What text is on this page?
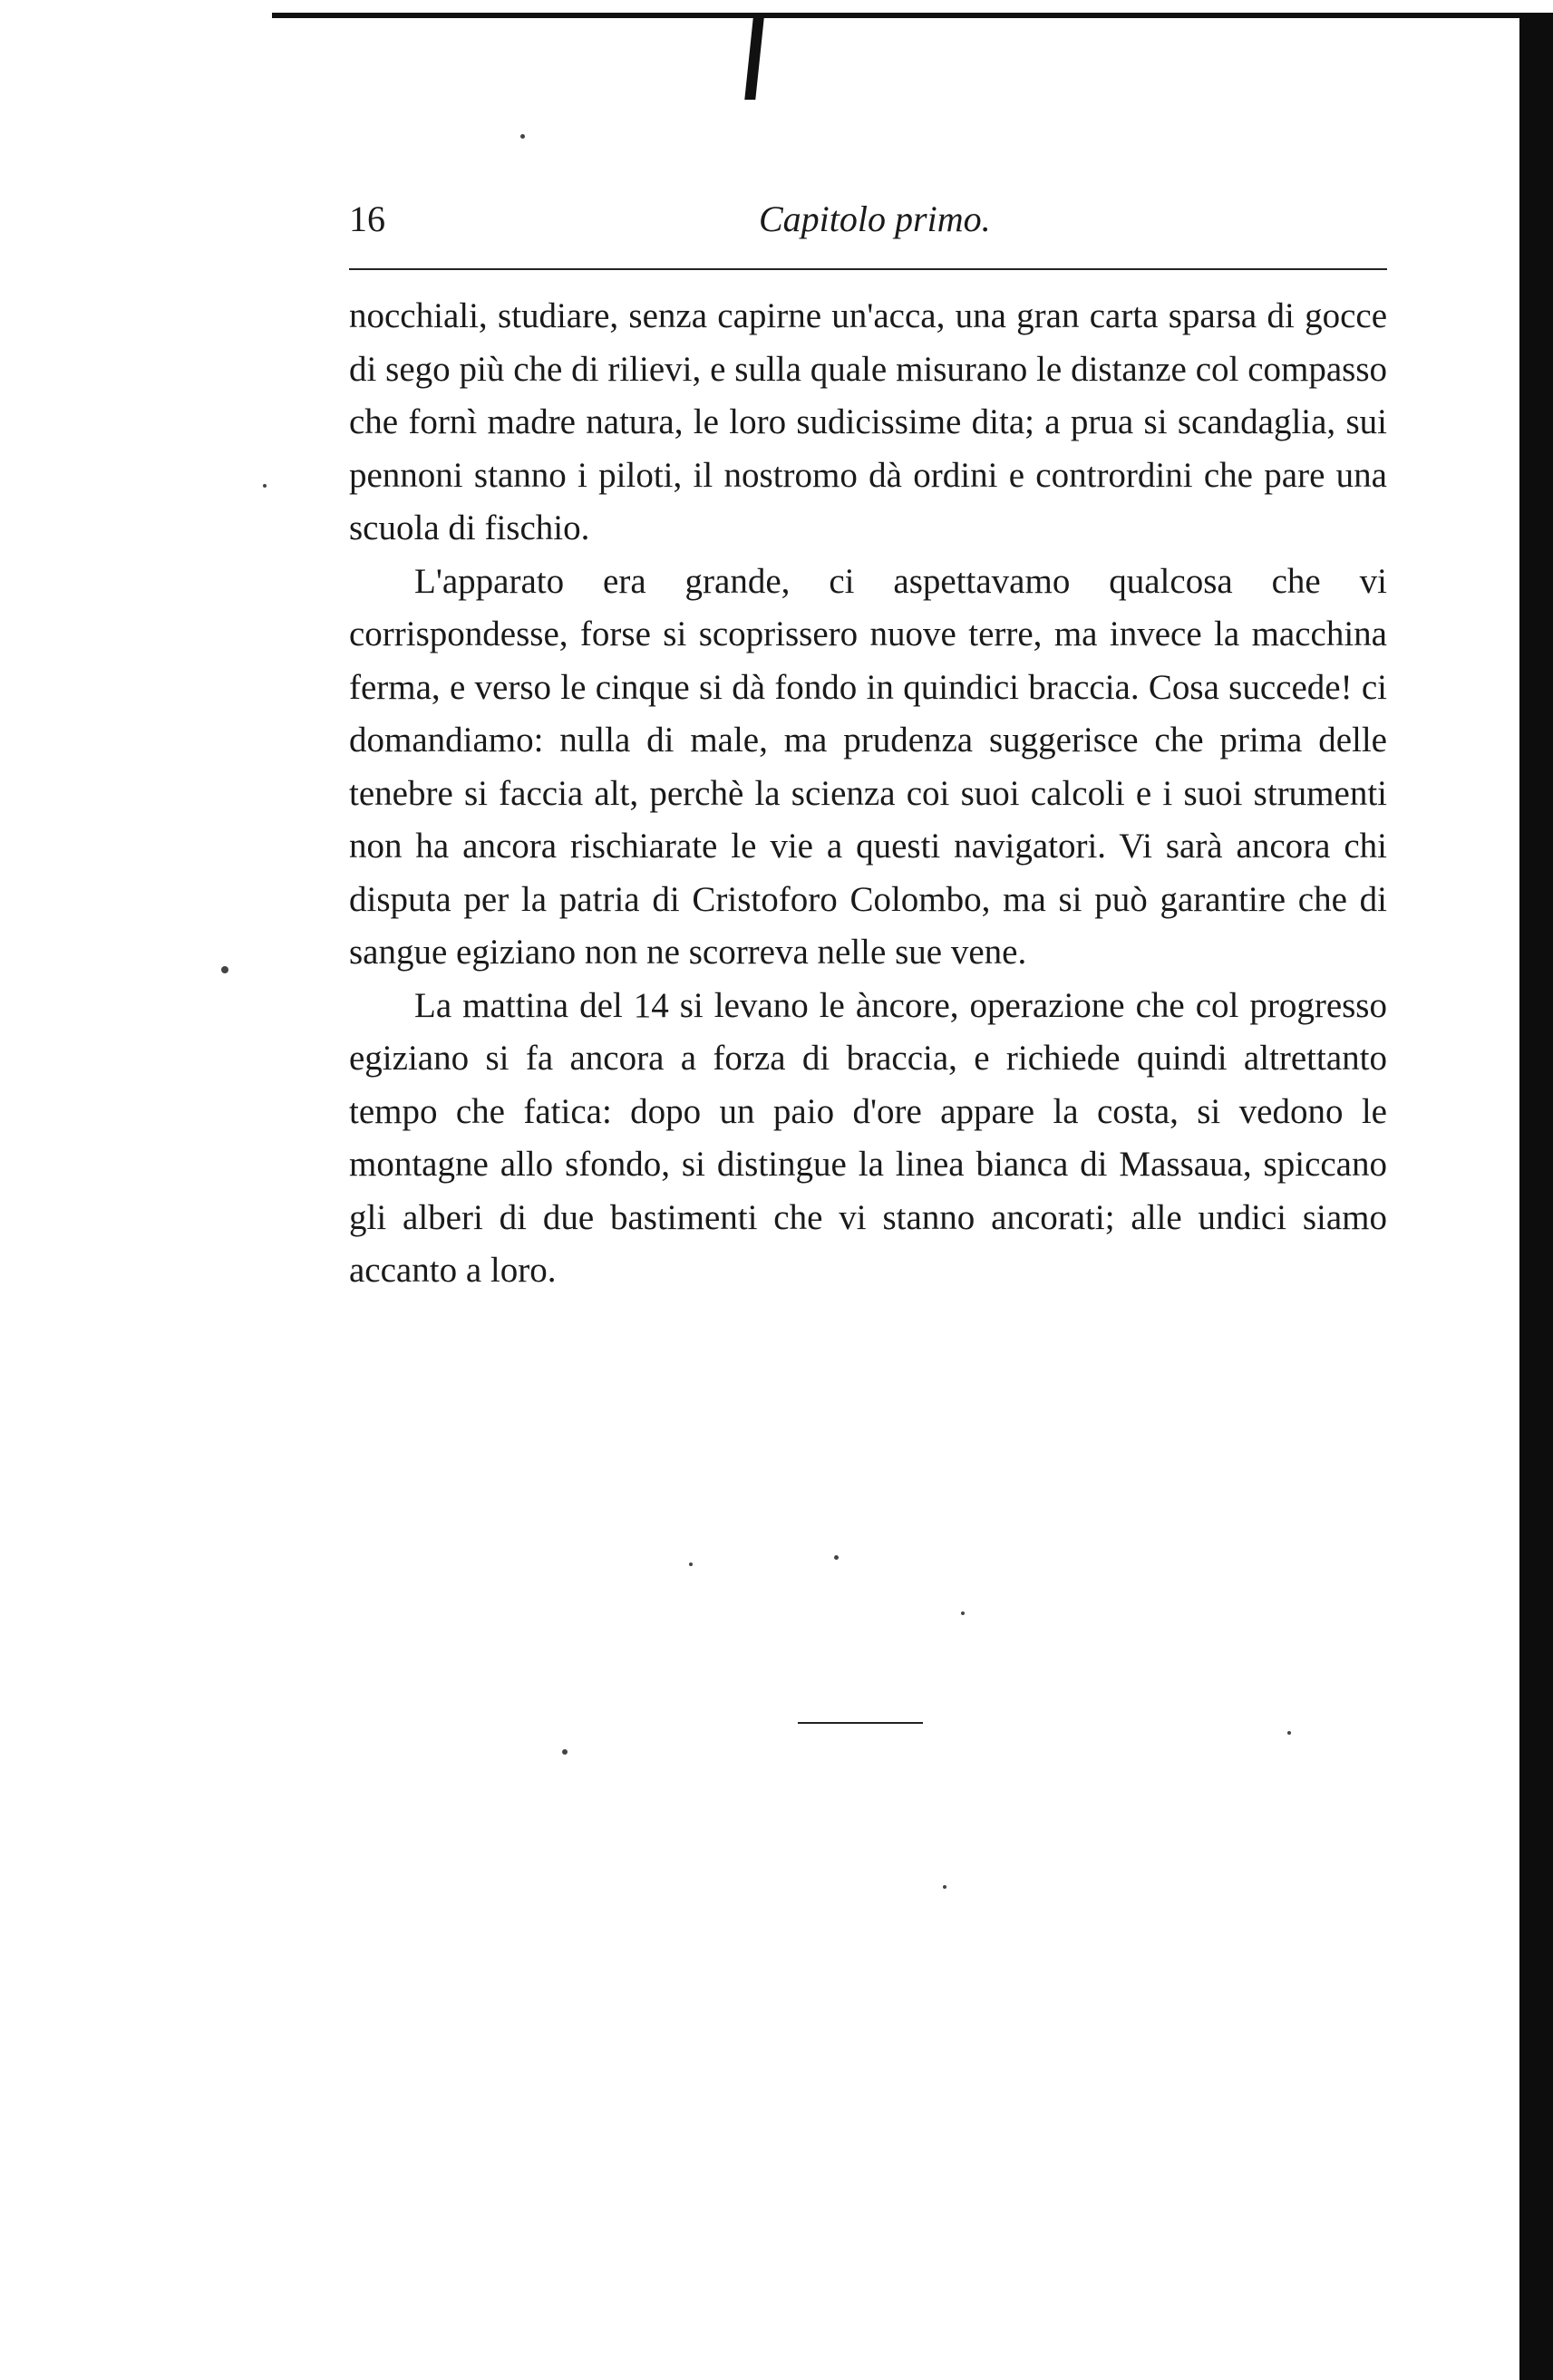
16	Capitolo primo.

nocchiali, studiare, senza capirne un'acca, una gran carta sparsa di gocce di sego più che di rilievi, e sulla quale misurano le distanze col compasso che fornì madre natura, le loro sudicissime dita; a prua si scandaglia, sui pennoni stanno i piloti, il nostromo dà ordini e contrordini che pare una scuola di fischio.

L'apparato era grande, ci aspettavamo qualcosa che vi corrispondesse, forse si scoprissero nuove terre, ma invece la macchina ferma, e verso le cinque si dà fondo in quindici braccia. Cosa succede! ci domandiamo: nulla di male, ma prudenza suggerisce che prima delle tenebre si faccia alt, perchè la scienza coi suoi calcoli e i suoi strumenti non ha ancora rischiarate le vie a questi navigatori. Vi sarà ancora chi disputa per la patria di Cristoforo Colombo, ma si può garantire che di sangue egiziano non ne scorreva nelle sue vene.

La mattina del 14 si levano le àncore, operazione che col progresso egiziano si fa ancora a forza di braccia, e richiede quindi altrettanto tempo che fatica: dopo un paio d'ore appare la costa, si vedono le montagne allo sfondo, si distingue la linea bianca di Massaua, spiccano gli alberi di due bastimenti che vi stanno ancorati; alle undici siamo accanto a loro.
